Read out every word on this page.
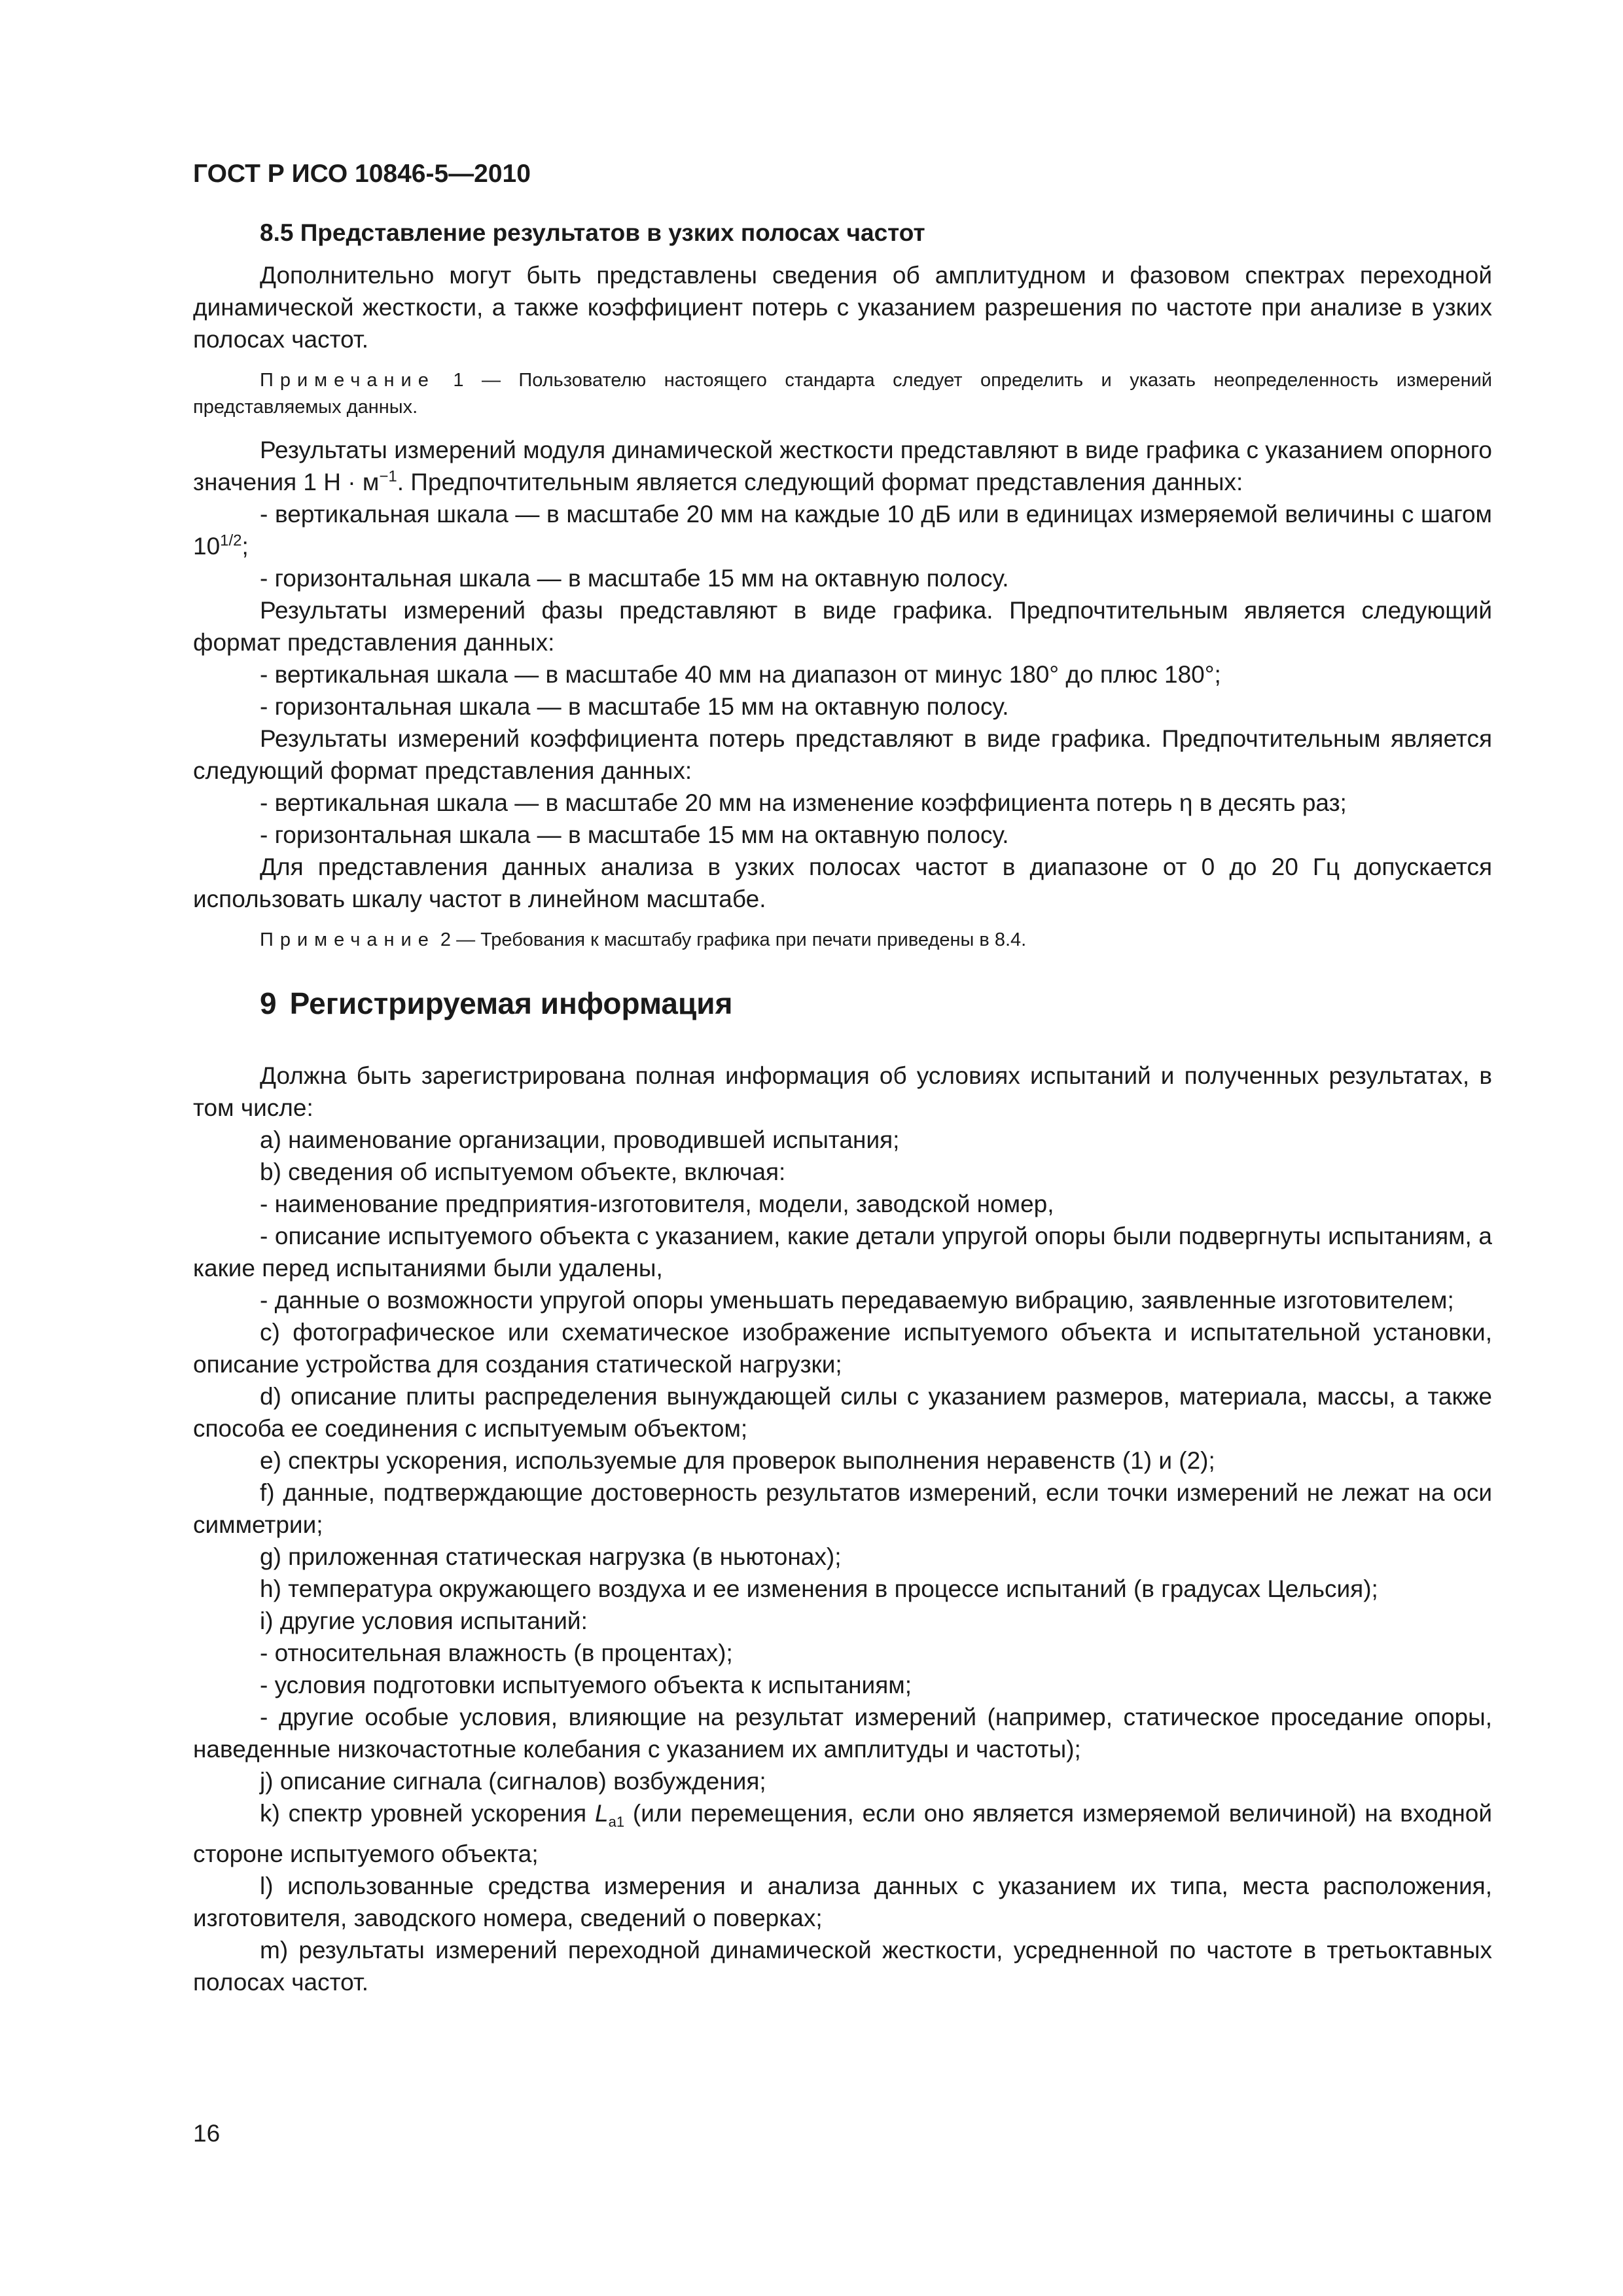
ГОСТ Р ИСО 10846-5—2010
8.5 Представление результатов в узких полосах частот

Дополнительно могут быть представлены сведения об амплитудном и фазовом спектрах переходной динамической жесткости, а также коэффициент потерь с указанием разрешения по частоте при анализе в узких полосах частот.

Примечание 1 — Пользователю настоящего стандарта следует определить и указать неопределенность измерений представляемых данных.

Результаты измерений модуля динамической жесткости представляют в виде графика с указанием опорного значения 1 $Н \cdot м^{-1}$. Предпочтительным является следующий формат представления данных:

- вертикальная шкала — в масштабе 20 мм на каждые 10 дБ или в единицах измеряемой величины с шагом $10^{1/2}$;

- горизонтальная шкала — в масштабе 15 мм на октавную полосу.

Результаты измерений фазы представляют в виде графика. Предпочтительным является следующий формат представления данных:

- вертикальная шкала — в масштабе 40 мм на диапазон от минус 180° до плюс 180°;

- горизонтальная шкала — в масштабе 15 мм на октавную полосу.

Результаты измерений коэффициента потерь представляют в виде графика. Предпочтительным является следующий формат представления данных:

- вертикальная шкала — в масштабе 20 мм на изменение коэффициента потерь η в десять раз;

- горизонтальная шкала — в масштабе 15 мм на октавную полосу.

Для представления данных анализа в узких полосах частот в диапазоне от 0 до 20 Гц допускается использовать шкалу частот в линейном масштабе.

Примечание 2 — Требования к масштабу графика при печати приведены в 8.4.

9 Регистрируемая информация

Должна быть зарегистрирована полная информация об условиях испытаний и полученных результатах, в том числе:

a) наименование организации, проводившей испытания;

b) сведения об испытуемом объекте, включая:

- наименование предприятия-изготовителя, модели, заводской номер,

- описание испытуемого объекта с указанием, какие детали упругой опоры были подвергнуты испытаниям, а какие перед испытаниями были удалены,

- данные о возможности упругой опоры уменьшать передаваемую вибрацию, заявленные изготовителем;

c) фотографическое или схематическое изображение испытуемого объекта и испытательной установки, описание устройства для создания статической нагрузки;

d) описание плиты распределения вынуждающей силы с указанием размеров, материала, массы, а также способа ее соединения с испытуемым объектом;

e) спектры ускорения, используемые для проверок выполнения неравенств (1) и (2);

f) данные, подтверждающие достоверность результатов измерений, если точки измерений не лежат на оси симметрии;

g) приложенная статическая нагрузка (в ньютонах);

h) температура окружающего воздуха и ее изменения в процессе испытаний (в градусах Цельсия);

i) другие условия испытаний:

- относительная влажность (в процентах);

- условия подготовки испытуемого объекта к испытаниям;

- другие особые условия, влияющие на результат измерений (например, статическое проседание опоры, наведенные низкочастотные колебания с указанием их амплитуды и частоты);

j) описание сигнала (сигналов) возбуждения;

k) спектр уровней ускорения $L_{a1}$ (или перемещения, если оно является измеряемой величиной) на входной стороне испытуемого объекта;

l) использованные средства измерения и анализа данных с указанием их типа, места расположения, изготовителя, заводского номера, сведений о поверках;

m) результаты измерений переходной динамической жесткости, усредненной по частоте в третьоктавных полосах частот.

16
